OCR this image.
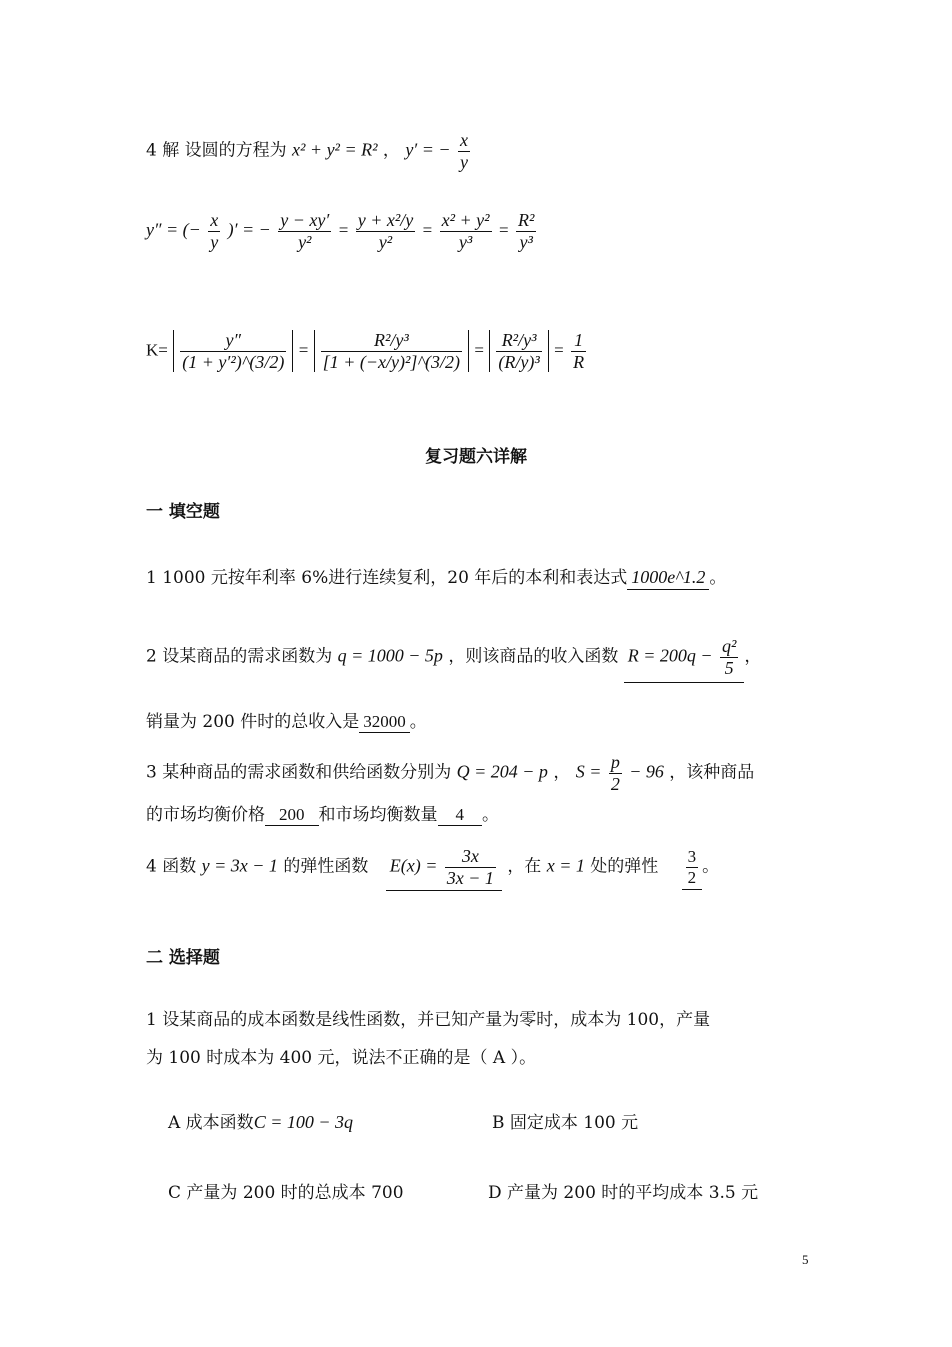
4 解 设圆的方程为 x² + y² = R² ， y′ = − $\frac{x}{y}$
y″ = (− $\frac{x}{y}$ )′ = − $\frac{y - xy'}{\text{y²}} = \frac{\text{y + x²/y}}{\text{y²}} = \frac{\text{x² + y²}}{\text{y³}} = \frac{\text{R²}}{\text{y³}}$
$K= \frac{y''}{\text{(1 + y′²)\textasciicircum{}(3/2)}} = \frac{\text{R²/y³}}{\text{[1 + (−x/y)²]\textasciicircum{}(3/2)}} = \frac{\text{R²/y³}}{\text{(R/y)³}} = \frac{1}{R}$
复习题六详解
一 填空题
1 1000 元按年利率 6%进行连续复利，20 年后的本利和表达式 1000e^1.2 。
2 设某商品的需求函数为 q = 1000 − 5p ，则该商品的收入函数 $R = 200q - \frac{\text{q²}}{5}$ ，
销量为 200 件时的总收入是 32000 。
3 某种商品的需求函数和供给函数分别为 Q = 204 − p ， $S = \frac{p}{2} - 96$ ，该种商品
的市场均衡价格 200 和市场均衡数量 4 。
4 函数 y = 3x − 1 的弹性函数 $E(x) = \frac{3x}{3x - 1}$ ，在 x = 1 处的弹性 $\frac{3}{2}$ 。
二 选择题
1 设某商品的成本函数是线性函数，并已知产量为零时，成本为 100，产量
为 100 时成本为 400 元，说法不正确的是（ A ）。
A 成本函数C = 100 − 3q	B 固定成本 100 元
C 产量为 200 时的总成本 700	D 产量为 200 时的平均成本 3.5 元
5
